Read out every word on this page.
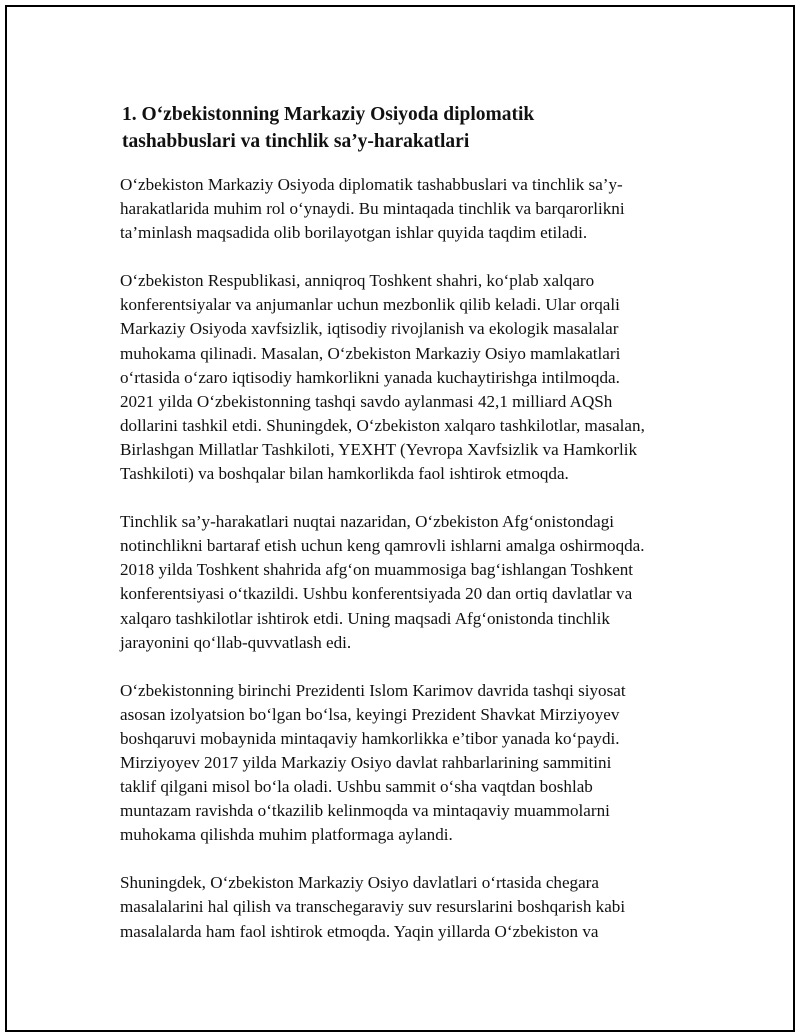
1. O‘zbekistonning Markaziy Osiyoda diplomatik
tashabbuslari va tinchlik sa’y-harakatlari
O‘zbekiston Markaziy Osiyoda diplomatik tashabbuslari va tinchlik sa’y-
harakatlarida muhim rol o‘ynaydi. Bu mintaqada tinchlik va barqarorlikni
ta’minlash maqsadida olib borilayotgan ishlar quyida taqdim etiladi.
O‘zbekiston Respublikasi, anniqroq Toshkent shahri, ko‘plab xalqaro
konferentsiyalar va anjumanlar uchun mezbonlik qilib keladi. Ular orqali
Markaziy Osiyoda xavfsizlik, iqtisodiy rivojlanish va ekologik masalalar
muhokama qilinadi. Masalan, O‘zbekiston Markaziy Osiyo mamlakatlari
o‘rtasida o‘zaro iqtisodiy hamkorlikni yanada kuchaytirishga intilmoqda.
2021 yilda O‘zbekistonning tashqi savdo aylanmasi 42,1 milliard AQSh
dollarini tashkil etdi. Shuningdek, O‘zbekiston xalqaro tashkilotlar, masalan,
Birlashgan Millatlar Tashkiloti, YEXHT (Yevropa Xavfsizlik va Hamkorlik
Tashkiloti) va boshqalar bilan hamkorlikda faol ishtirok etmoqda.
Tinchlik sa’y-harakatlari nuqtai nazaridan, O‘zbekiston Afg‘onistondagi
notinchlikni bartaraf etish uchun keng qamrovli ishlarni amalga oshirmoqda.
2018 yilda Toshkent shahrida afg‘on muammosiga bag‘ishlangan Toshkent
konferentsiyasi o‘tkazildi. Ushbu konferentsiyada 20 dan ortiq davlatlar va
xalqaro tashkilotlar ishtirok etdi. Uning maqsadi Afg‘onistonda tinchlik
jarayonini qo‘llab-quvvatlash edi.
O‘zbekistonning birinchi Prezidenti Islom Karimov davrida tashqi siyosat
asosan izolyatsion bo‘lgan bo‘lsa, keyingi Prezident Shavkat Mirziyoyev
boshqaruvi mobaynida mintaqaviy hamkorlikka e’tibor yanada ko‘paydi.
Mirziyoyev 2017 yilda Markaziy Osiyo davlat rahbarlarining sammitini
taklif qilgani misol bo‘la oladi. Ushbu sammit o‘sha vaqtdan boshlab
muntazam ravishda o‘tkazilib kelinmoqda va mintaqaviy muammolarni
muhokama qilishda muhim platformaga aylandi.
Shuningdek, O‘zbekiston Markaziy Osiyo davlatlari o‘rtasida chegara
masalalarini hal qilish va transchegaraviy suv resurslarini boshqarish kabi
masalalarda ham faol ishtirok etmoqda. Yaqin yillarda O‘zbekiston va
